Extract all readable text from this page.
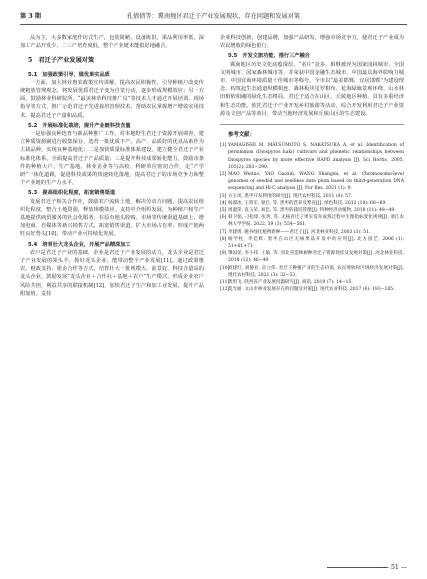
第 3 期	孔倩倩等：冀南地区君迁子产业发展现状、存在问题和发展对策

品为主，大多数家庭作坊式生产，包装简陋，设备陈旧，果品利用率低，深加工产品开发少，二三产培育度低，整个产业链未能很好地融合。

5　君迁子产业发展对策

5.1　加强政策引导，做优果实品质

一方面，加大林业惠农政策宣传讲解，提高农民积极性，引导种植户改变传统粗放管理观念，将发展优质君迁子变为自觉行动，逐步形成规模效应；另一方面，鼓励林业科研院所、“最美林草科技推广员”等技术人才通过开展培训、现场指导等方式，推广示范君迁子先进栽培管理技术，帮助农民掌握增产增效实用技术，提高君迁子产量和品质。

5.2　开展标准化栽培，提升产业链科技含量

一是加强良种选育与新品种推广工作。对本地野生君迁子资源开展调查，建立种质资源圃进行收集保存，选育一批优质丰产、高产、品质好的优良品系作为主栽品种，实现良种基地化；二是加快质量标准体系建设。建立健全君迁子产业标准化体系，全面提高君迁子产品质量；三是提升科技成果转化能力。鼓励市条件的种植大户、生产基地、林业企业等与高校、科研单位密切合作，走“产学研”一体化道路，促进科技成果的快速转化落地，提高君迁子的市场竞争力和整个产业链的生产力水平。

5.3　提高组织化程度，拓宽销售渠道

发展君迁子相关合作社，鼓励农户流转土地，解决劳动力问题，提高农民组织化程度，整合土地资源，释放规模效应。支持中介组织发展，为种植户和生产基地提供商贸服务的社会化服务。在原有地头收购、市场等传统渠道基础上，增加电商、自媒体等新兴销售方式，拓宽销售渠道。扩大市场占有率，形成产销两旺良好势头[10]，带动产业可持续化发展。

5.4　培育壮大龙头企业，开展产品精深加工

农户是君迁子产业的基础，企业是君迁子产业发展的动力，龙头企业是君迁子产业发展的领头羊，抓好龙头企业，能带动整个产业发展[11]。通过政策惠农、财政支持、银企合作等方式，培育壮大一批规模大、前景好、科技含量高的龙头企业，鼓励发展“龙头企业＋合作社＋基地＋农户”生产模式，形成企业农户风险共担，利益共享的联接机制[12]，加快君迁子生产和加工业发展，提升产品附加值。支持

企业科技创新，创建品牌，加强产品研发，增强市场竞争力，使君迁子产业成为农民增收的绿色银行。

5.5　开发文旅功能，推行三产融合

冀南地区历史文化底蕴深厚，“名片”众多，相继被评为国家园林城市、全国文明城市、国家森林城市等，并荣获中国金融生态城市、中国最具海外影响力城市、中国宜商环境质量十佳城市等称号。全市以“最美邯郸，宜居邯郸”为建设理念，构筑起生态通道纵横相连、森林板块星罗棋布、花海绿廊景观环绕、山水林田相依相融的绿化生态格局。君迁子适合在山区、丘陵地区种植，具有多重经济和生态功能。依托君迁子产业开发乡村旅游等活动，综合开发利用君迁子产业资源及文创产品等项目，带动当地经济发展和丘陵山区的生态建设。

参考文献：

[1] YAMAGISHI M, MATSUMOTO S, NAKATSUKA A, et al. Identification of persimmon (Diospyros kaki) cultivars and phenetic relationships between Diospyros species by more effective RAPD analysis [J]. Sci Hortic, 2005, 105(2): 283−290.

[2] MAO Weituo, YAO Gaoxin, WANG Shangda, et al. Chromosome-level genomes of seeded and seedless date plum based on third-generation DNA sequencing and Hi-C analysis [J]. For Res, 2021 (1): 9.

[3] 方玉凤. 黑枣开发利用的研究[J]. 现代农村科技, 2011 (4): 57.

[4] 杨淑冰, 王鸿军, 梁启, 等. 黑枣的营养及繁育[J]. 绿色科技, 2012 (10): 68−69.

[5] 周淑荣, 袁玉荣, 刘佳, 等. 黑枣的栽培管理[J]. 特种经济动植物, 2018 (11): 48−49.

[6] 韩卫娟, 刁松锋, 张玥, 等. 无核君迁子果实发育成熟过程中生理指标变化规律[J]. 浙江农林大学学报, 2022, 39 (3): 554−561.

[7] 李建勇. 磁谷绿化植物新种——君迁子[J]. 河北林业科技, 2003 (3): 51.

[8] 杨学柱, 李佳辉. 黑枣在山区无核果品开发中的应用[J]. 北方园艺, 2006 (1): 51+61+71.

[9] 肇国荣, 李小伟, 王敏, 等. 河北省造林树种君迁子资源现状及发展对策[J]. 河北林业科技, 2018 (12): 46−49.

[10]
刘建红, 胡静业, 宣立伟. 君迁子种植产业的生态价值, 农民增收和区域经济发展对策[J]. 现代农村科技, 2021 (3): 32−33.

[11]
黄玥飞. 陕西省产业发展问题研究[J]. 商讯, 2019 (7): 14−15.

[12]
莫光丽. 文山市林业发展存在的问题及对策[J]. 现代农业科技, 2017 (6): 183−185.

— 51 —
